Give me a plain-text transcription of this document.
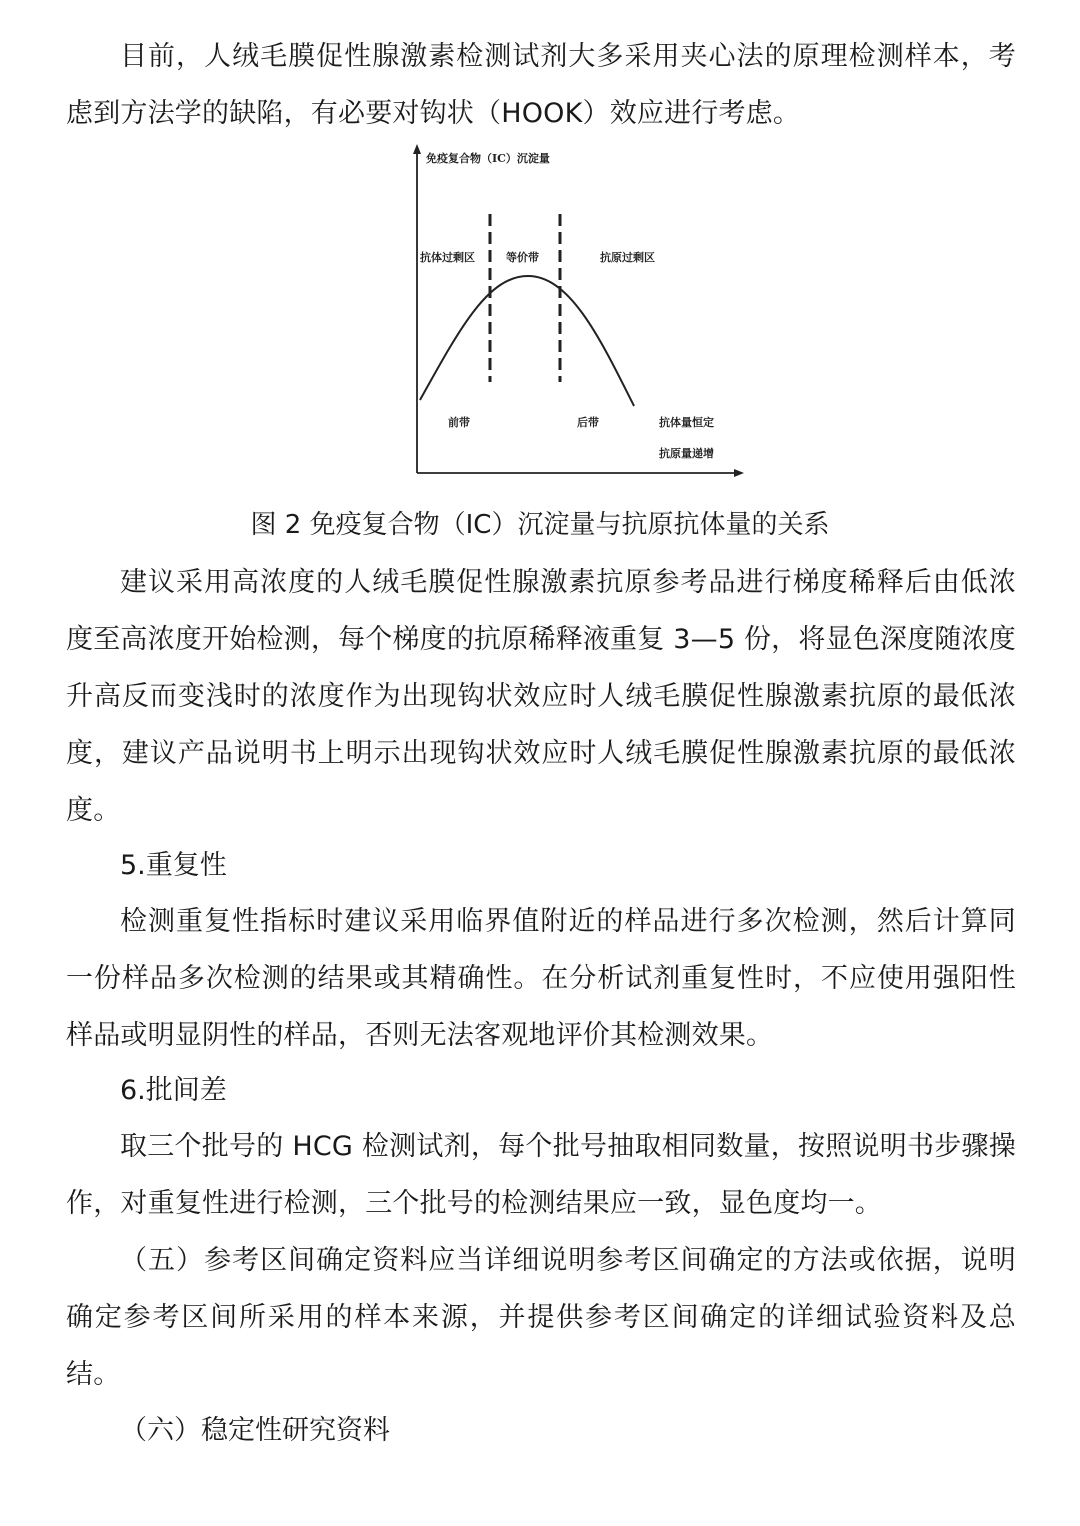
目前，人绒毛膜促性腺激素检测试剂大多采用夹心法的原理检测样本，考虑到方法学的缺陷，有必要对钩状（HOOK）效应进行考虑。

免疫复合物（IC）沉淀量
抗体过剩区	等价带	抗原过剩区
前带	后带	抗体量恒定
抗原量递增

图 2 免疫复合物（IC）沉淀量与抗原抗体量的关系

建议采用高浓度的人绒毛膜促性腺激素抗原参考品进行梯度稀释后由低浓度至高浓度开始检测，每个梯度的抗原稀释液重复 3—5 份，将显色深度随浓度升高反而变浅时的浓度作为出现钩状效应时人绒毛膜促性腺激素抗原的最低浓度，建议产品说明书上明示出现钩状效应时人绒毛膜促性腺激素抗原的最低浓度。

5.重复性

检测重复性指标时建议采用临界值附近的样品进行多次检测，然后计算同一份样品多次检测的结果或其精确性。在分析试剂重复性时，不应使用强阳性样品或明显阴性的样品，否则无法客观地评价其检测效果。

6.批间差

取三个批号的 HCG 检测试剂，每个批号抽取相同数量，按照说明书步骤操作，对重复性进行检测，三个批号的检测结果应一致，显色度均一。

（五）参考区间确定资料应当详细说明参考区间确定的方法或依据，说明确定参考区间所采用的样本来源，并提供参考区间确定的详细试验资料及总结。

（六）稳定性研究资料
